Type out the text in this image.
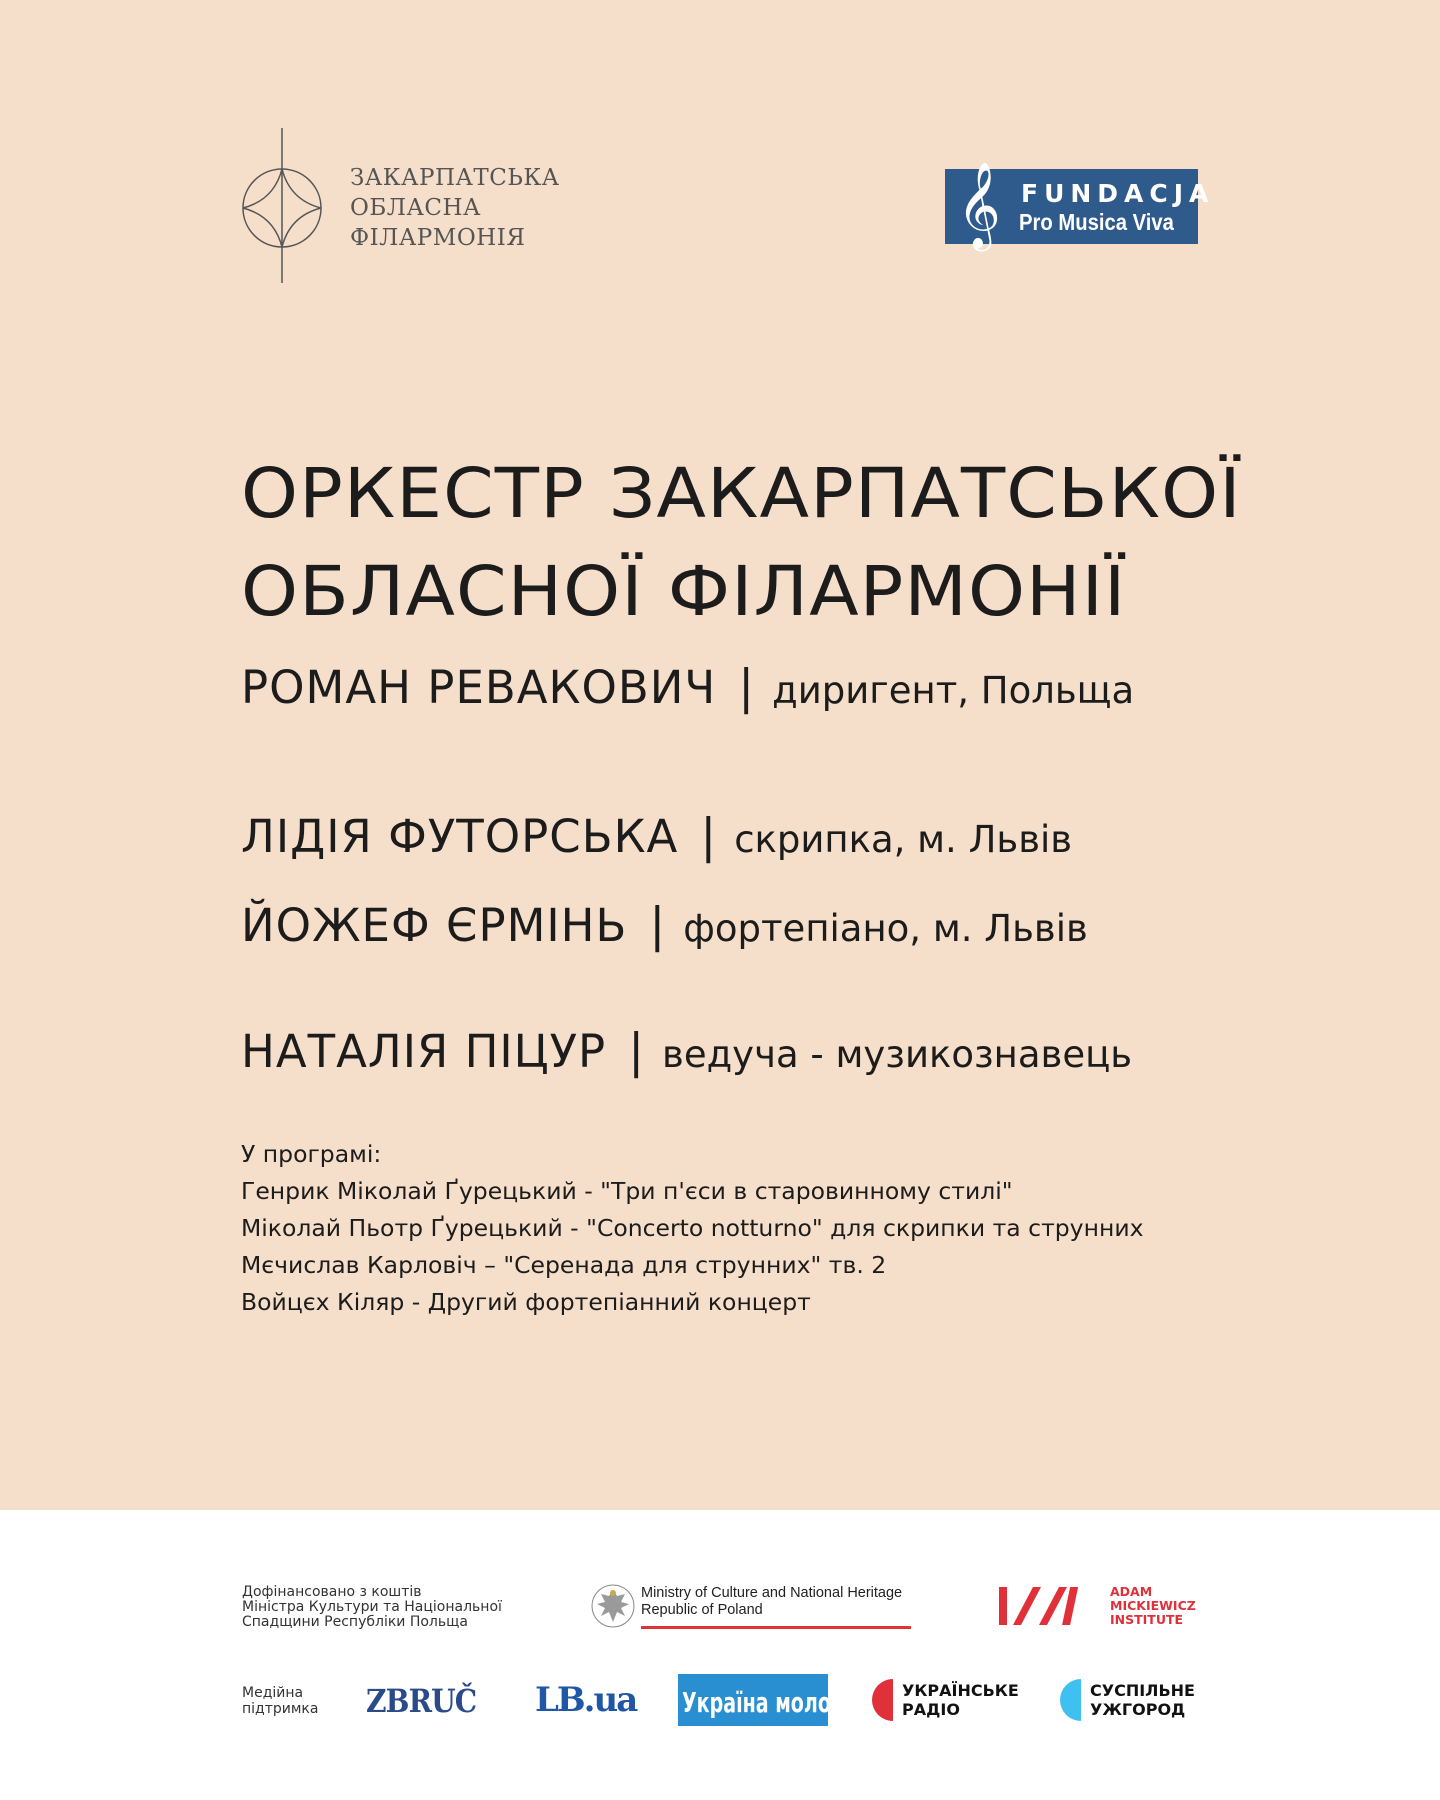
ЗАКАРПАТСЬКА
ОБЛАСНА
ФІЛАРМОНІЯ	𝄞 FUNDACJA
Pro Musica Viva
ОРКЕСТР ЗАКАРПАТСЬКОЇ
ОБЛАСНОЇ ФІЛАРМОНІЇ
РОМАН РЕВАКОВИЧ | диригент, Польща
ЛІДІЯ ФУТОРСЬКА | скрипка, м. Львів
ЙОЖЕФ ЄРМІНЬ | фортепіано, м. Львів
НАТАЛІЯ ПІЦУР | ведуча - музикознавець
У програмі:
Генрик Міколай Ґурецький - "Три п'єси в старовинному стилі"
Міколай Пьотр Ґурецький - "Concerto notturno" для скрипки та струнних
Мєчислав Карловіч – "Серенада для струнних" тв. 2
Войцєх Кіляр - Другий фортепіанний концерт
Дофінансовано з коштів
Міністра Культури та Національної
Спадщини Республіки Польща
Ministry of Culture and National Heritage
Republic of Poland
ADAM
MICKIEWICZ
INSTITUTE
Медійна
підтримка ZBRUČ LB.ua Україна молода	УКРАЇНСЬКЕ
РАДІО
СУСПІЛЬНЕ
УЖГОРОД
